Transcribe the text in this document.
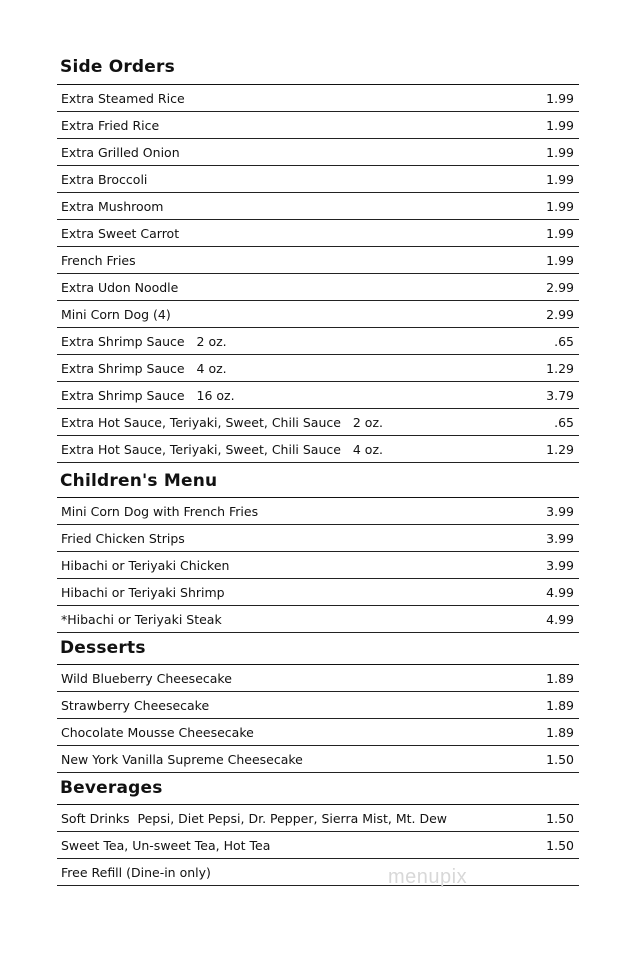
Side Orders
Extra Steamed Rice	1.99
Extra Fried Rice	1.99
Extra Grilled Onion	1.99
Extra Broccoli	1.99
Extra Mushroom	1.99
Extra Sweet Carrot	1.99
French Fries	1.99
Extra Udon Noodle	2.99
Mini Corn Dog (4)	2.99
Extra Shrimp Sauce   2 oz.	.65
Extra Shrimp Sauce   4 oz.	1.29
Extra Shrimp Sauce   16 oz.	3.79
Extra Hot Sauce, Teriyaki, Sweet, Chili Sauce   2 oz.	.65
Extra Hot Sauce, Teriyaki, Sweet, Chili Sauce   4 oz.	1.29
Children's Menu
Mini Corn Dog with French Fries	3.99
Fried Chicken Strips	3.99
Hibachi or Teriyaki Chicken	3.99
Hibachi or Teriyaki Shrimp	4.99
*Hibachi or Teriyaki Steak	4.99
Desserts
Wild Blueberry Cheesecake	1.89
Strawberry Cheesecake	1.89
Chocolate Mousse Cheesecake	1.89
New York Vanilla Supreme Cheesecake	1.50
Beverages
Soft Drinks  Pepsi, Diet Pepsi, Dr. Pepper, Sierra Mist, Mt. Dew	1.50
Sweet Tea, Un-sweet Tea, Hot Tea	1.50
Free Refill (Dine-in only)	menupix
